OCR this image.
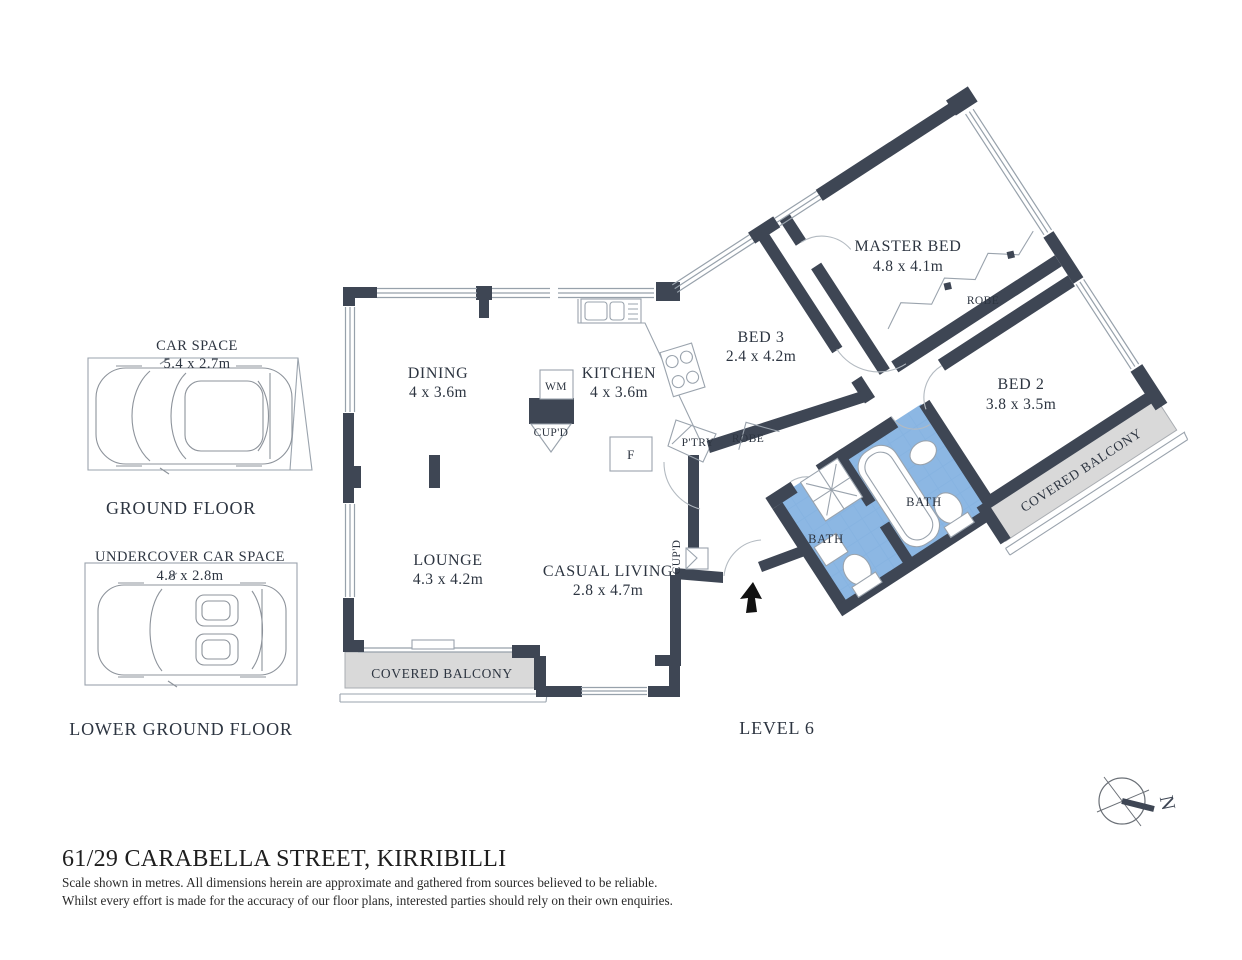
CAR SPACE
5.4 x 2.7m
GROUND FLOOR
UNDERCOVER CAR SPACE
4.8 x 2.8m
LOWER GROUND FLOOR
COVERED BALCONY
DINING
4 x 3.6m
KITCHEN
4 x 3.6m
LOUNGE
4.3 x 4.2m	CASUAL LIVING
2.8 x 4.7m
BED 3
2.4 x 4.2m
MASTER BED
4.8 x 4.1m
BED 2
3.8 x 3.5m
BATH
BATH
COVERED BALCONY
WM
CUP'D
F
P'TRY ROBE
ROBE
CUP'D
LEVEL 6
N
61/29 CARABELLA STREET, KIRRIBILLI
Scale shown in metres. All dimensions herein are approximate and gathered from sources believed to be reliable.
Whilst every effort is made for the accuracy of our floor plans, interested parties should rely on their own enquiries.
